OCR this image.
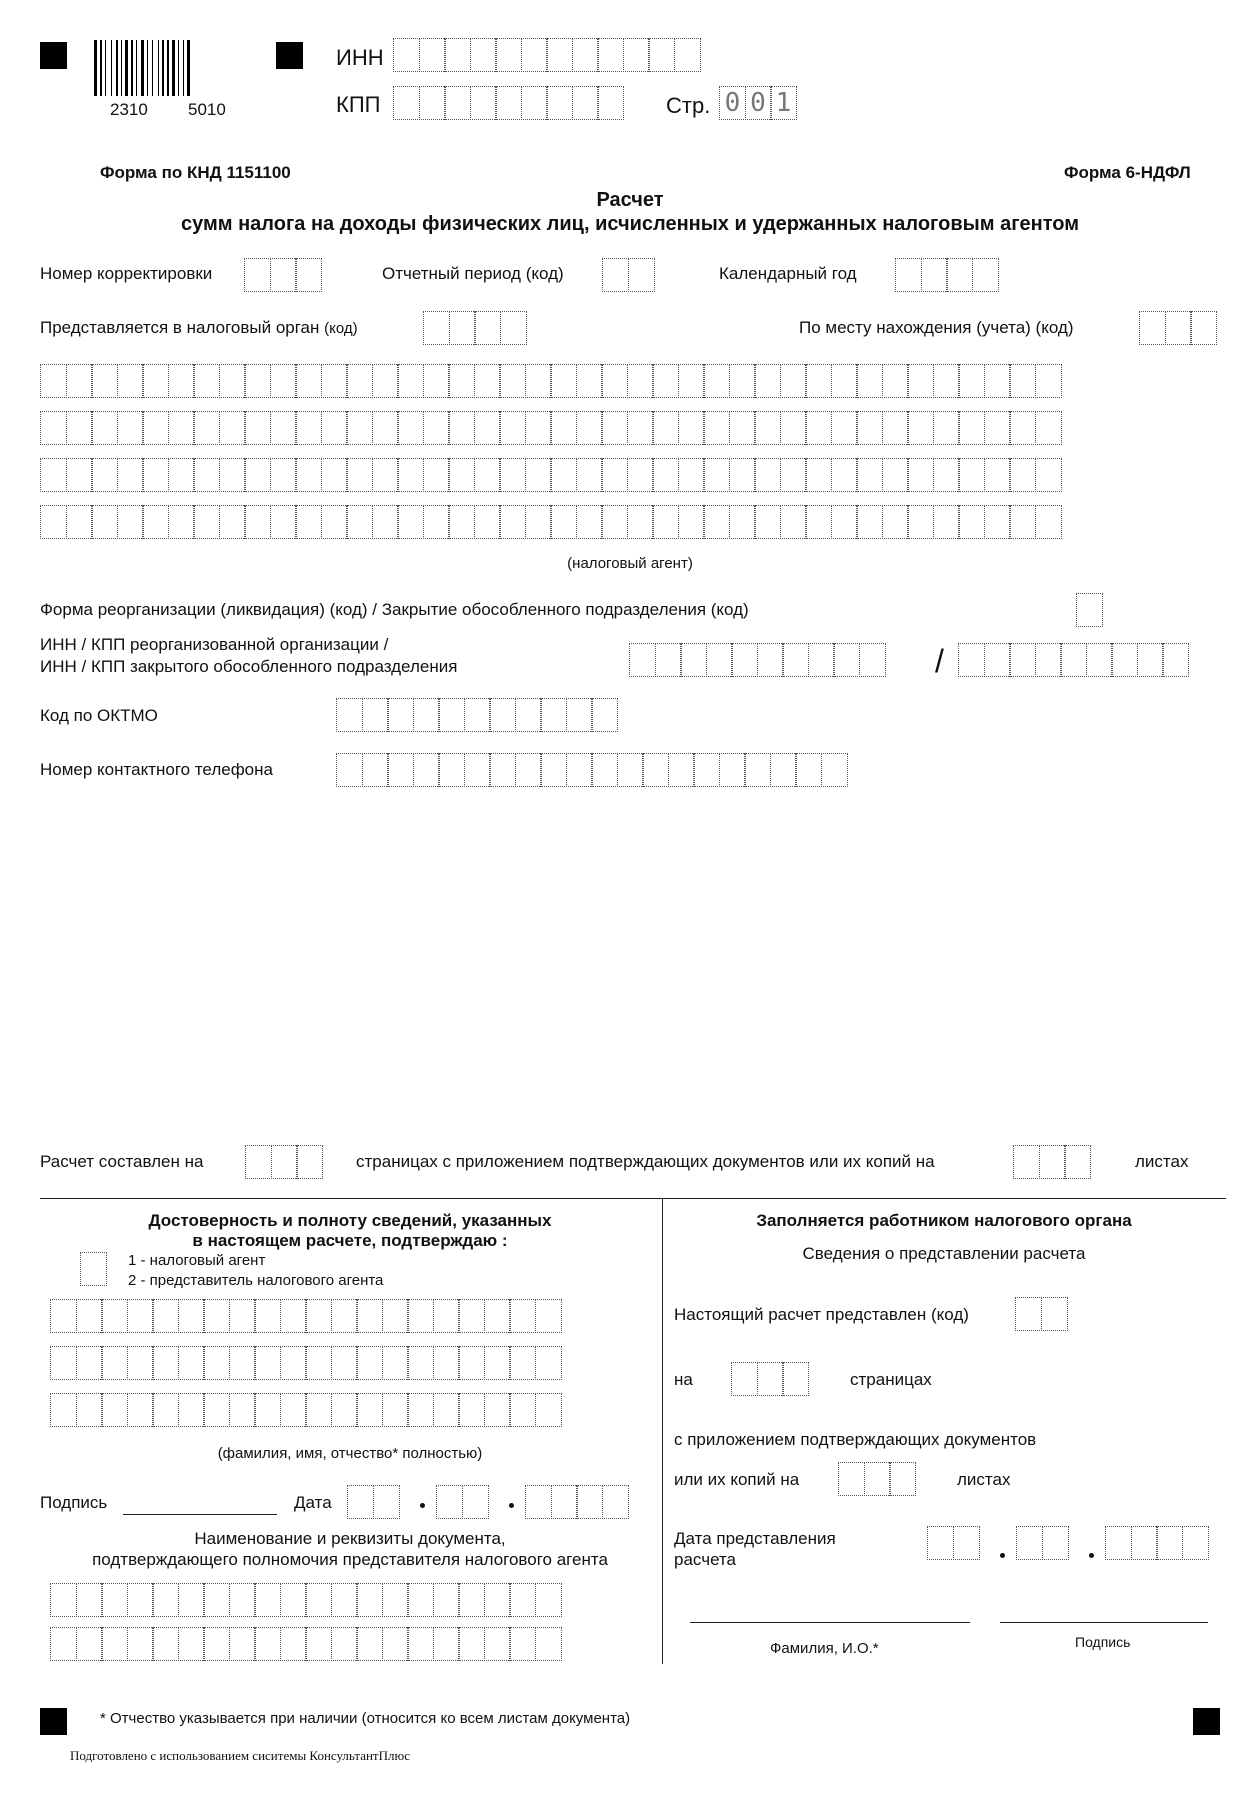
2310 5010
ИНН
КПП	Стр. 0 0 1
Форма по КНД 1151100	Форма 6-НДФЛ
Расчет
сумм налога на доходы физических лиц, исчисленных и удержанных налоговым агентом
Номер корректировки	Отчетный период (код)	Календарный год
Представляется в налоговый орган (код)	По месту нахождения (учета) (код)
(налоговый агент)
Форма реорганизации (ликвидация) (код) / Закрытие обособленного подразделения (код)
ИНН / КПП реорганизованной организации /
ИНН / КПП закрытого обособленного подразделения	/
Код по ОКТМО
Номер контактного телефона
Расчет составлен на	страницах с приложением подтверждающих документов или их копий на	листах
Достоверность и полноту сведений, указанных
в настоящем расчете, подтверждаю :
1 - налоговый агент
2 - представитель налогового агента
(фамилия, имя, отчество* полностью)
Подпись	Дата
Наименование и реквизиты документа,
подтверждающего полномочия представителя налогового агента
Заполняется работником налогового органа
Сведения о представлении расчета
Настоящий расчет представлен (код)
на	страницах
с приложением подтверждающих документов
или их копий на	листах
Дата представления
расчета
Фамилия, И.О.*	Подпись
* Отчество указывается при наличии (относится ко всем листам документа)
Подготовлено с использованием сиситемы КонсультантПлюс
